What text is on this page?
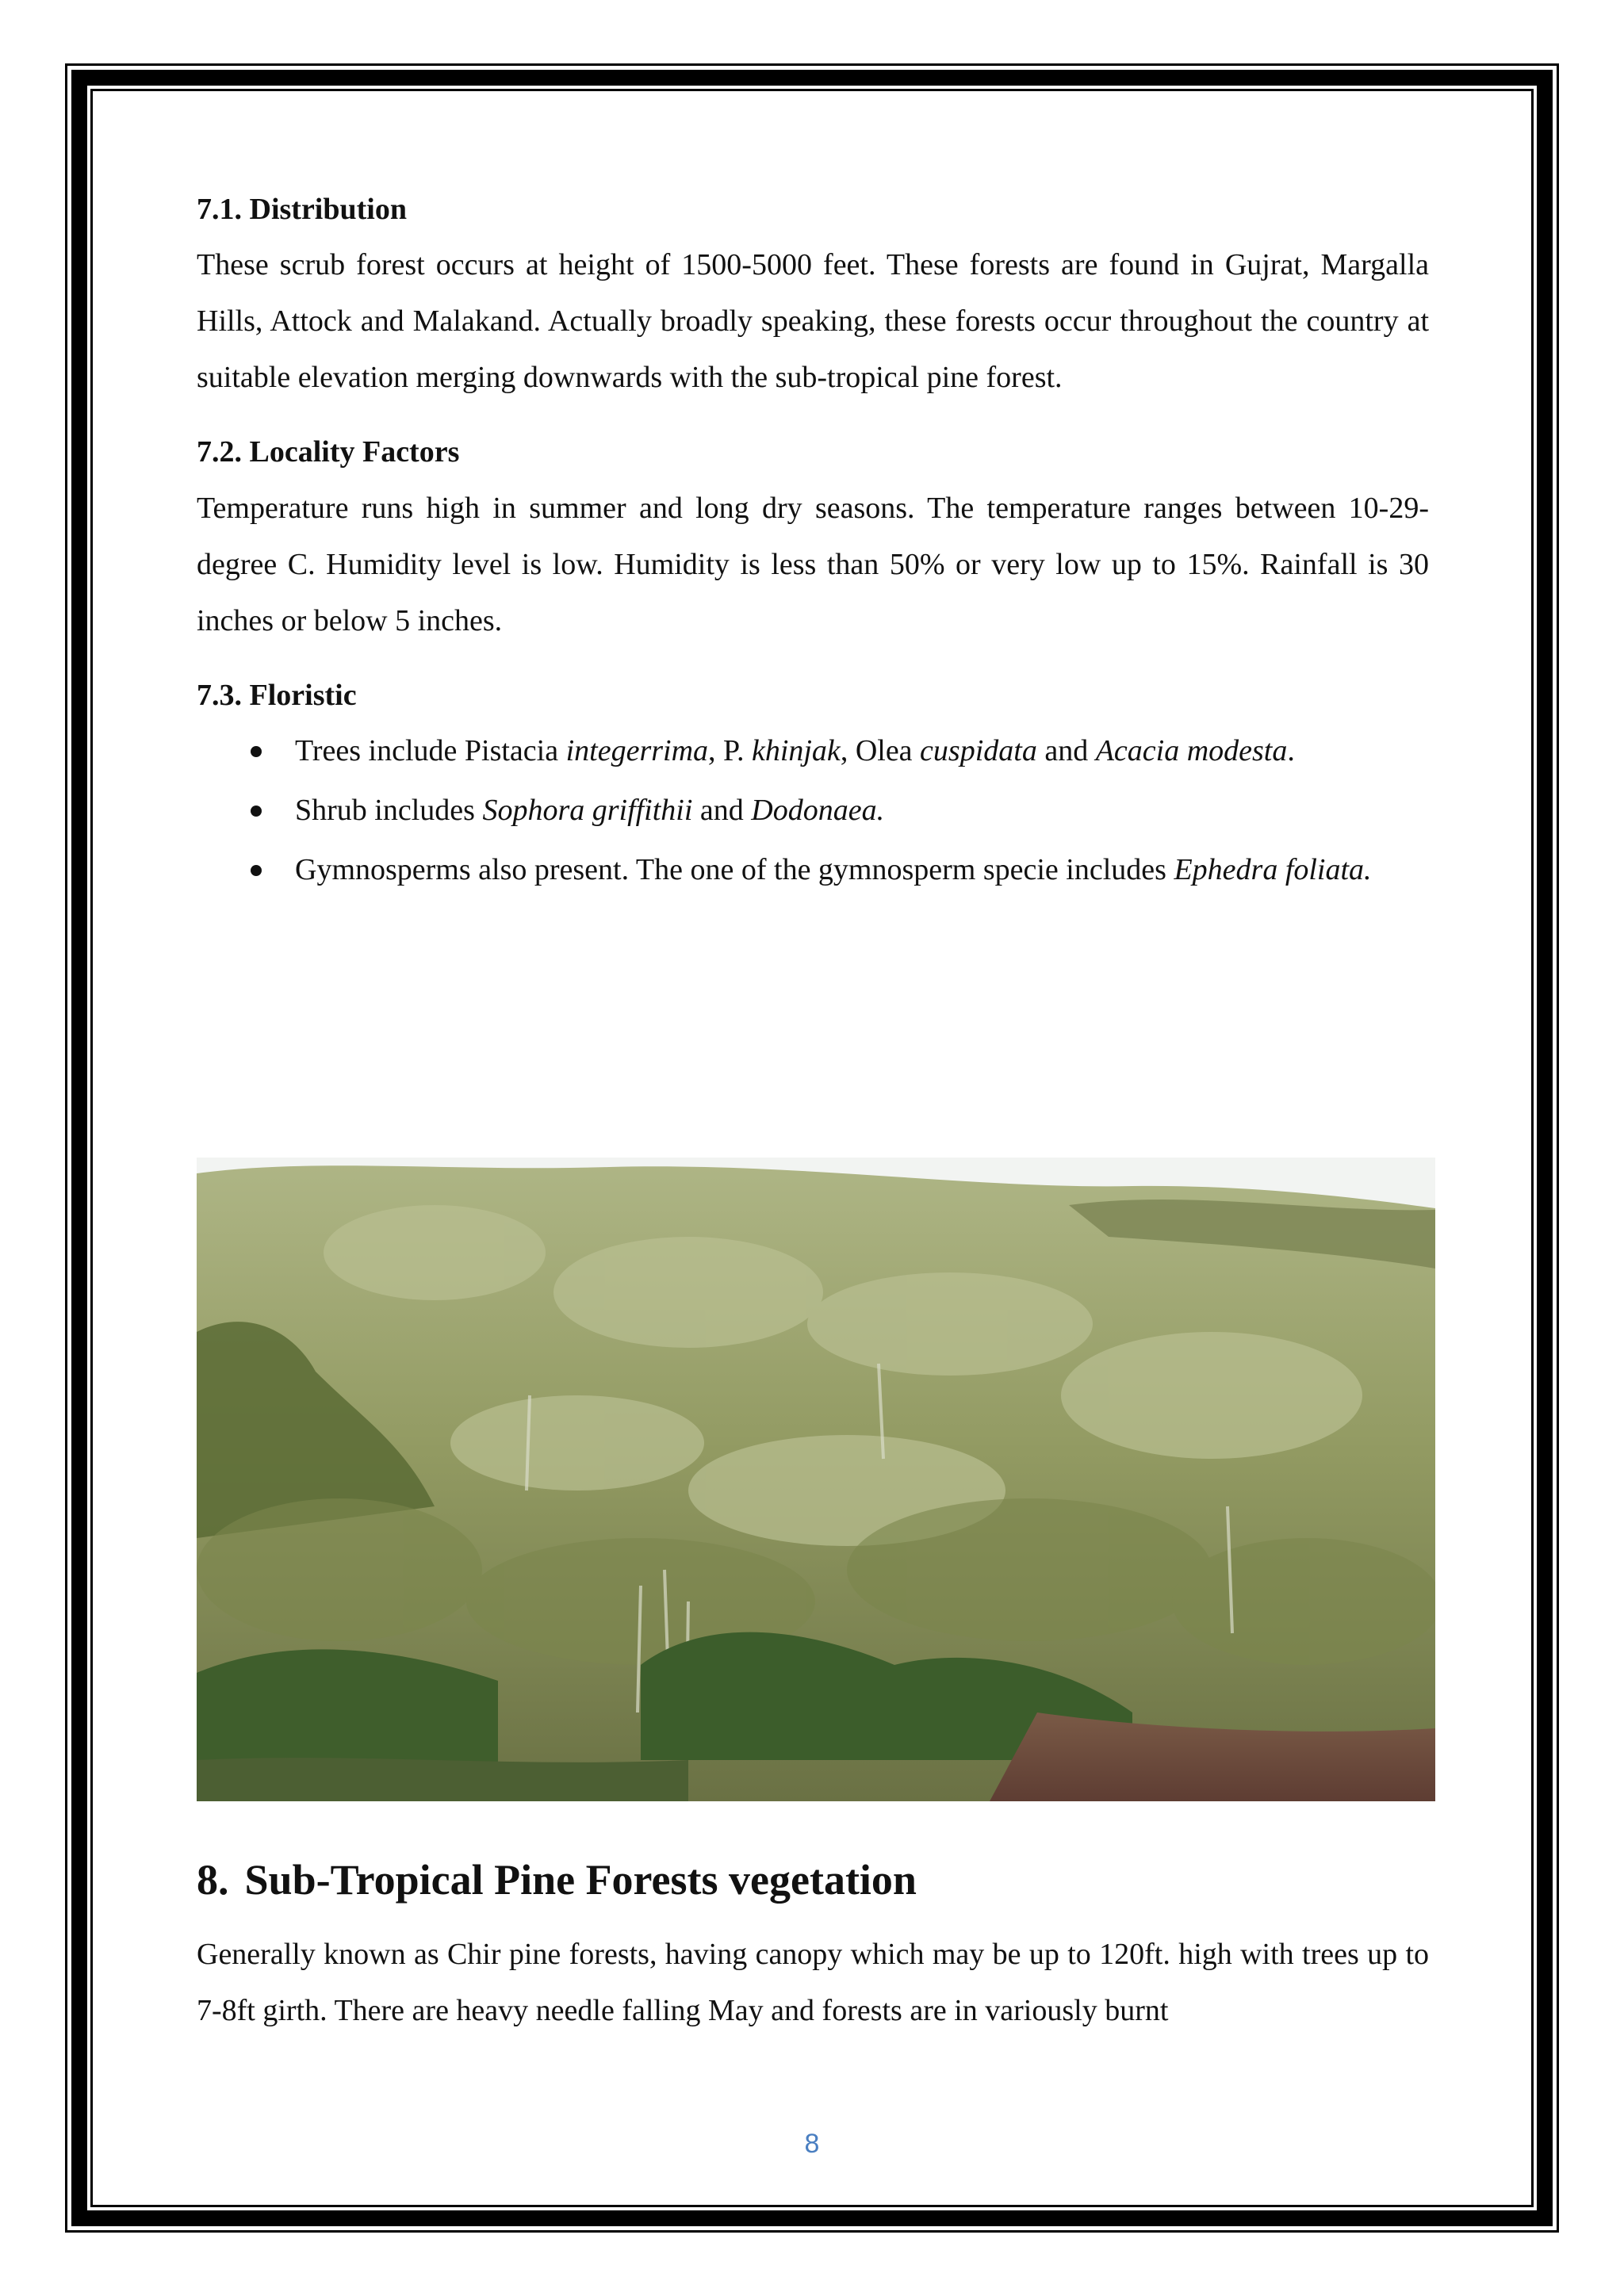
7.1. Distribution

These scrub forest occurs at height of 1500-5000 feet. These forests are found in Gujrat, Margalla Hills, Attock and Malakand. Actually broadly speaking, these forests occur throughout the country at suitable elevation merging downwards with the sub-tropical pine forest.

7.2. Locality Factors

Temperature runs high in summer and long dry seasons. The temperature ranges between 10-29-degree C. Humidity level is low. Humidity is less than 50% or very low up to 15%. Rainfall is 30 inches or below 5 inches.

7.3. Floristic
Trees include Pistacia integerrima, P. khinjak, Olea cuspidata and Acacia modesta.
Shrub includes Sophora griffithii and Dodonaea.
Gymnosperms also present. The one of the gymnosperm specie includes Ephedra foliata.
8. Sub-Tropical Pine Forests vegetation

Generally known as Chir pine forests, having canopy which may be up to 120ft. high with trees up to 7-8ft girth. There are heavy needle falling May and forests are in variously burnt

8
